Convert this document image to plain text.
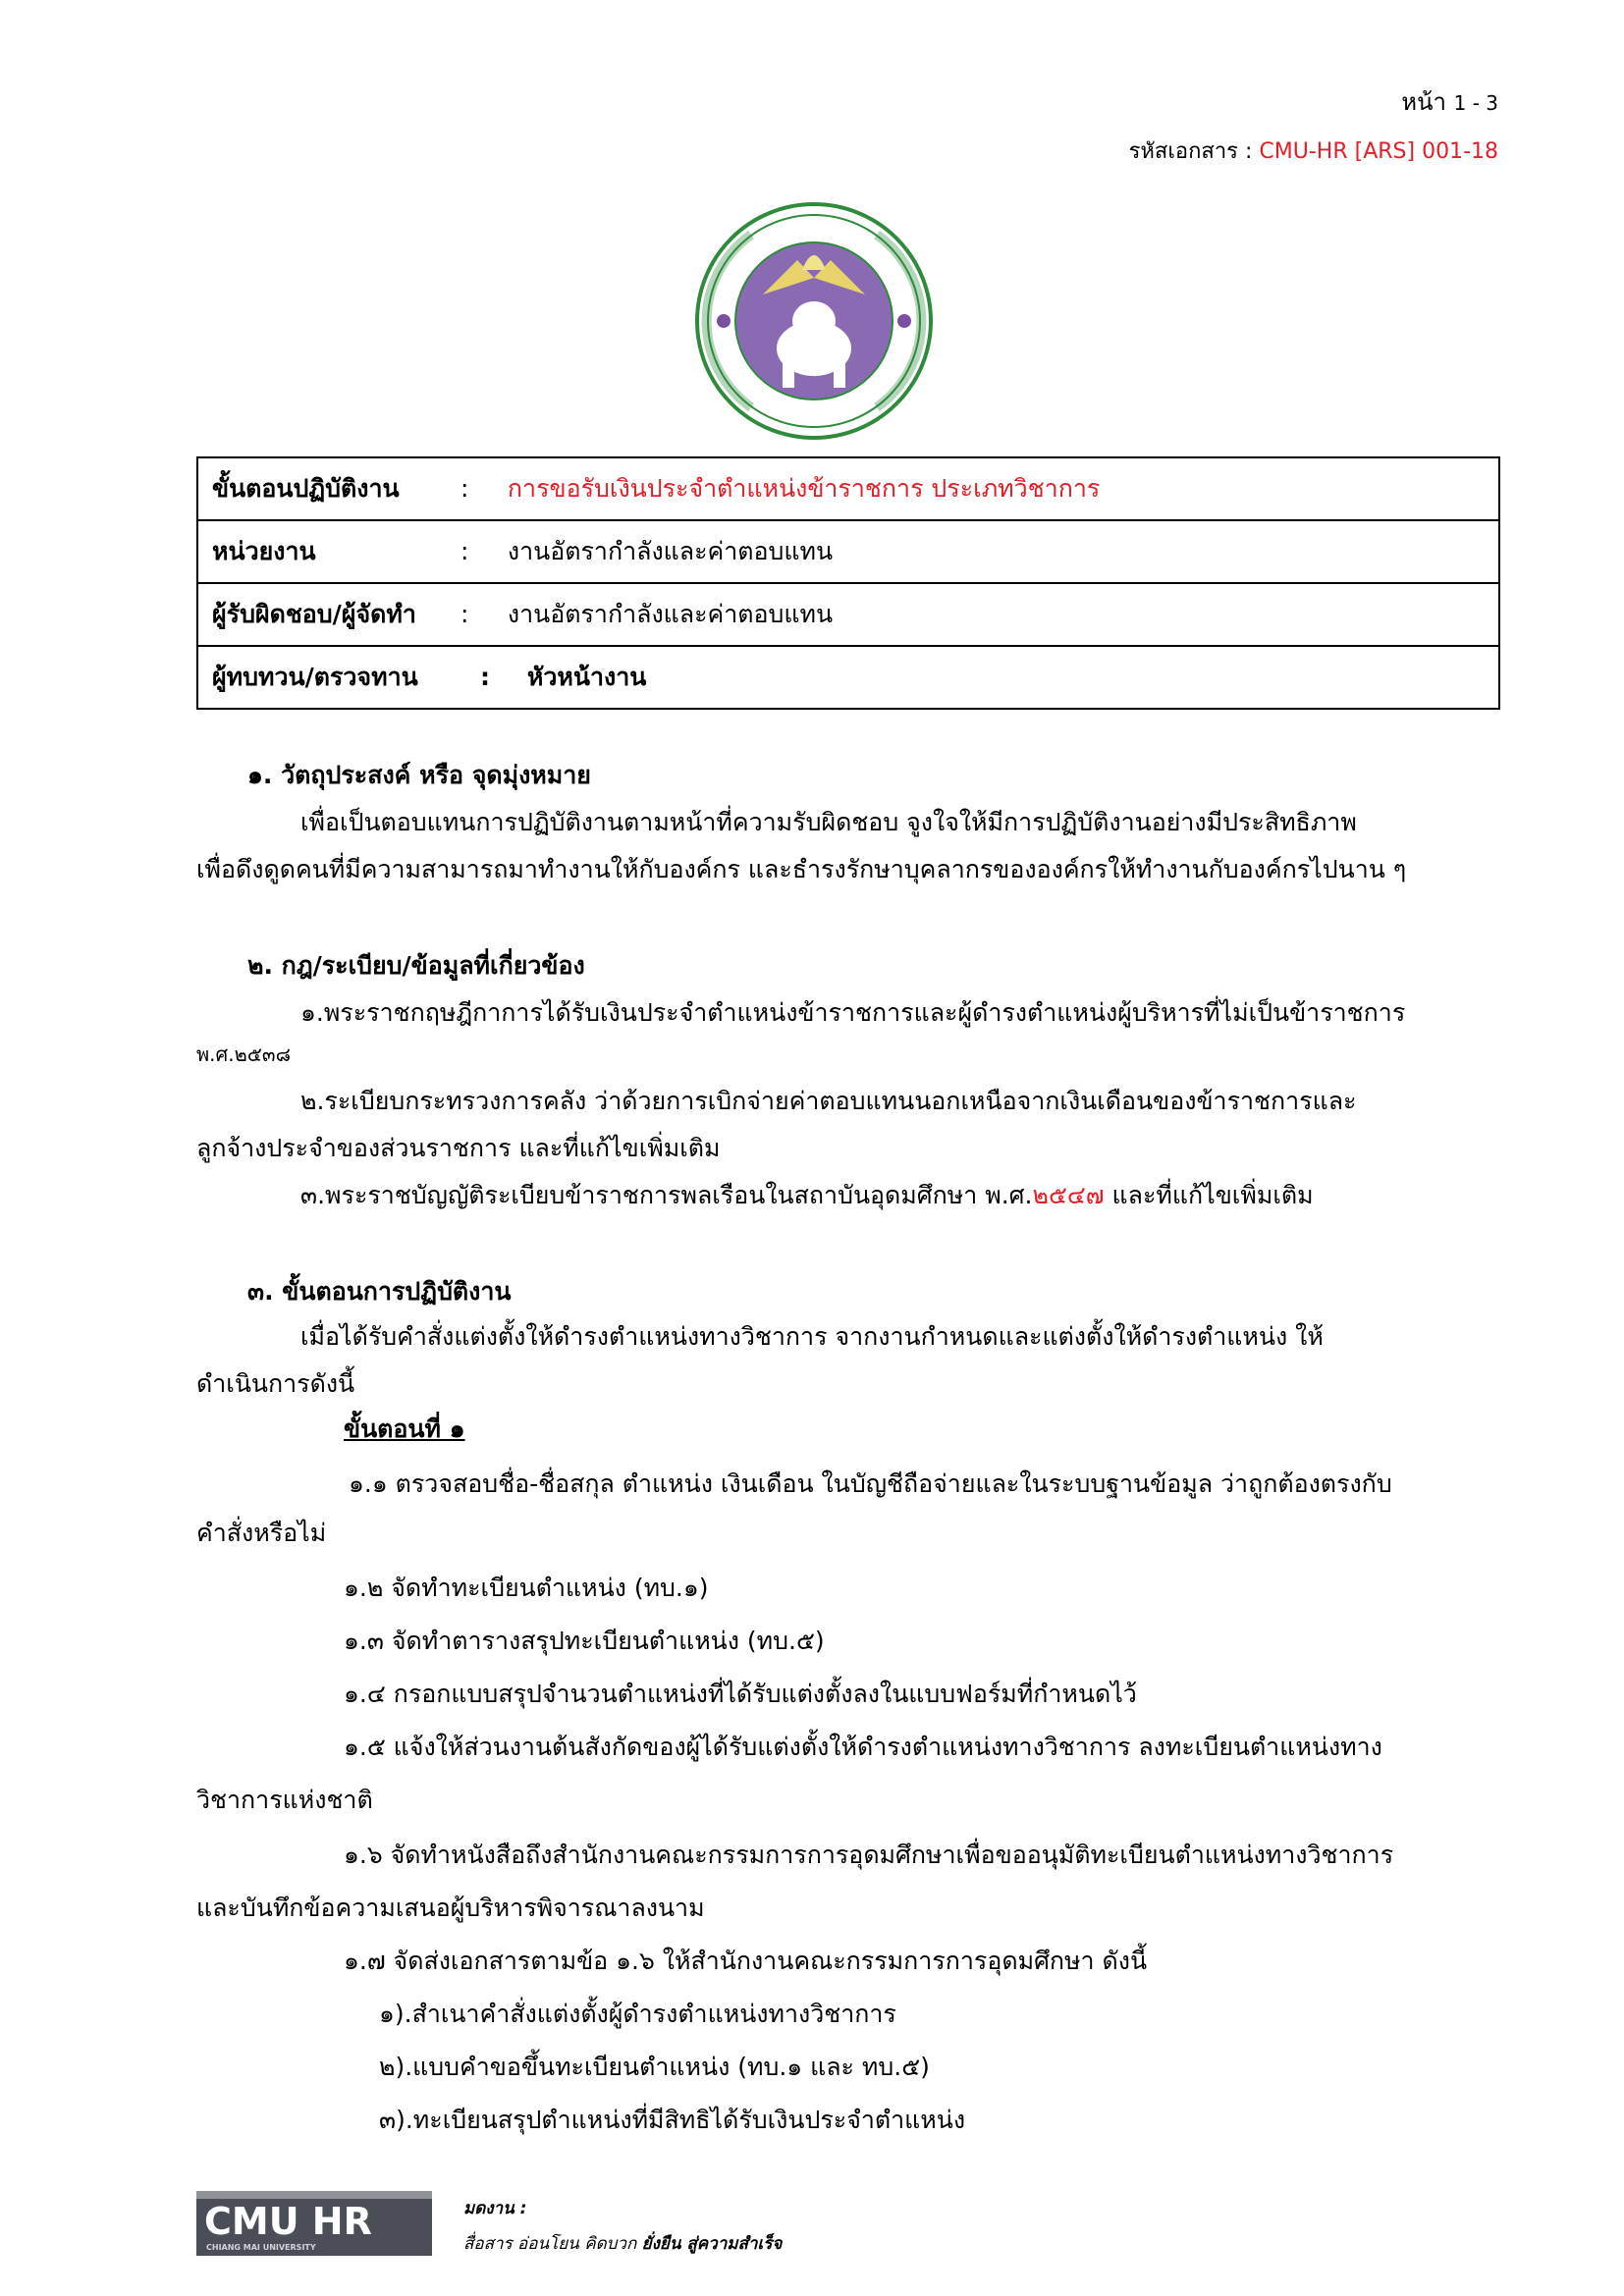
หน้า 1 - 3
รหัสเอกสาร : CMU-HR [ARS] 001-18
ขั้นตอนปฏิบัติงาน : การขอรับเงินประจำตำแหน่งข้าราชการ ประเภทวิชาการ
หน่วยงาน	: งานอัตรากำลังและค่าตอบแทน
ผู้รับผิดชอบ/ผู้จัดทำ : งานอัตรากำลังและค่าตอบแทน
ผู้ทบทวน/ตรวจทาน	: หัวหน้างาน
๑. วัตถุประสงค์ หรือ จุดมุ่งหมาย
เพื่อเป็นตอบแทนการปฏิบัติงานตามหน้าที่ความรับผิดชอบ จูงใจให้มีการปฏิบัติงานอย่างมีประสิทธิภาพ
เพื่อดึงดูดคนที่มีความสามารถมาทำงานให้กับองค์กร และธำรงรักษาบุคลากรขององค์กรให้ทำงานกับองค์กรไปนาน ๆ
๒. กฎ/ระเบียบ/ข้อมูลที่เกี่ยวข้อง
๑.พระราชกฤษฎีกาการได้รับเงินประจำตำแหน่งข้าราชการและผู้ดำรงตำแหน่งผู้บริหารที่ไม่เป็นข้าราชการ
พ.ศ.๒๕๓๘
๒.ระเบียบกระทรวงการคลัง ว่าด้วยการเบิกจ่ายค่าตอบแทนนอกเหนือจากเงินเดือนของข้าราชการและ
ลูกจ้างประจำของส่วนราชการ และที่แก้ไขเพิ่มเติม
๓.พระราชบัญญัติระเบียบข้าราชการพลเรือนในสถาบันอุดมศึกษา พ.ศ.๒๕๔๗ และที่แก้ไขเพิ่มเติม
๓. ขั้นตอนการปฏิบัติงาน
เมื่อได้รับคำสั่งแต่งตั้งให้ดำรงตำแหน่งทางวิชาการ จากงานกำหนดและแต่งตั้งให้ดำรงตำแหน่ง ให้
ดำเนินการดังนี้
ขั้นตอนที่ ๑
๑.๑ ตรวจสอบชื่อ-ชื่อสกุล ตำแหน่ง เงินเดือน ในบัญชีถือจ่ายและในระบบฐานข้อมูล ว่าถูกต้องตรงกับ
คำสั่งหรือไม่
๑.๒ จัดทำทะเบียนตำแหน่ง (ทบ.๑)
๑.๓ จัดทำตารางสรุปทะเบียนตำแหน่ง (ทบ.๕)
๑.๔ กรอกแบบสรุปจำนวนตำแหน่งที่ได้รับแต่งตั้งลงในแบบฟอร์มที่กำหนดไว้
๑.๕ แจ้งให้ส่วนงานต้นสังกัดของผู้ได้รับแต่งตั้งให้ดำรงตำแหน่งทางวิชาการ ลงทะเบียนตำแหน่งทาง
วิชาการแห่งชาติ
๑.๖ จัดทำหนังสือถึงสำนักงานคณะกรรมการการอุดมศึกษาเพื่อขออนุมัติทะเบียนตำแหน่งทางวิชาการ
และบันทึกข้อความเสนอผู้บริหารพิจารณาลงนาม
๑.๗ จัดส่งเอกสารตามข้อ ๑.๖ ให้สำนักงานคณะกรรมการการอุดมศึกษา ดังนี้
๑).สำเนาคำสั่งแต่งตั้งผู้ดำรงตำแหน่งทางวิชาการ
๒).แบบคำขอขึ้นทะเบียนตำแหน่ง (ทบ.๑ และ ทบ.๕)
๓).ทะเบียนสรุปตำแหน่งที่มีสิทธิได้รับเงินประจำตำแหน่ง
CMU HR
CHIANG MAI UNIVERSITY
มดงาน :
สื่อสาร อ่อนโยน คิดบวก ยั่งยืน สู่ความสำเร็จ
